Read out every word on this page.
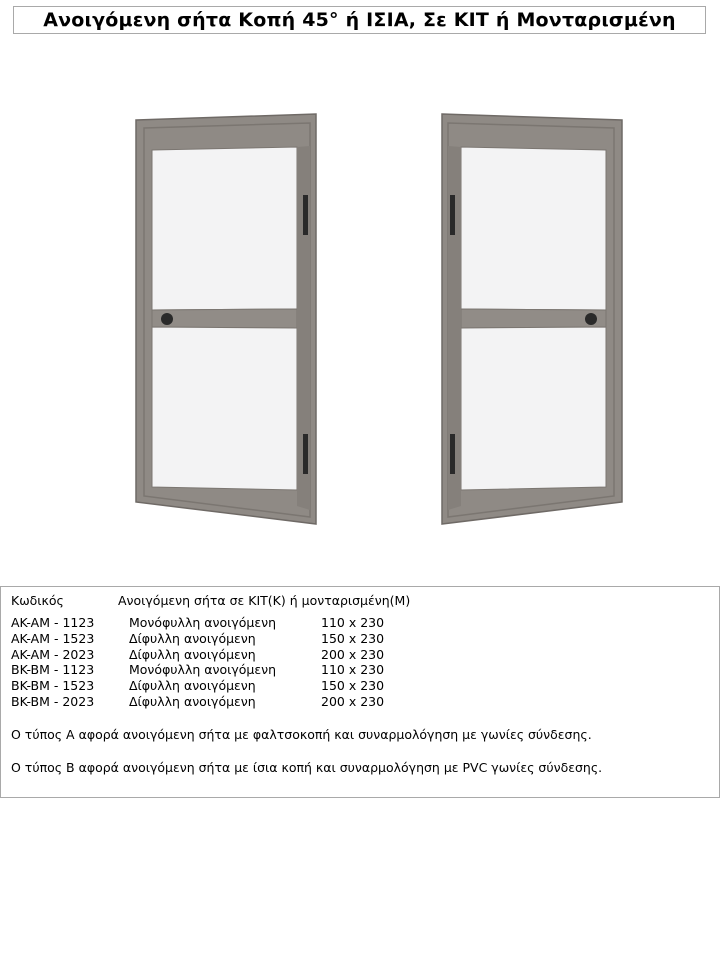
Ανοιγόμενη σήτα Κοπή 45° ή ΙΣΙΑ, Σε KIT ή Μονταρισμένη
Κωδικός	Ανοιγόμενη σήτα σε KIT(K) ή μονταρισμένη(M)
AK-AM - 1123	Μονόφυλλη ανοιγόμενη	110 x 230
AK-AM - 1523	Δίφυλλη ανοιγόμενη	150 x 230
AK-AM - 2023	Δίφυλλη ανοιγόμενη	200 x 230
BK-BM - 1123	Μονόφυλλη ανοιγόμενη	110 x 230
BK-BM - 1523	Δίφυλλη ανοιγόμενη	150 x 230
BK-BM - 2023	Δίφυλλη ανοιγόμενη	200 x 230
Ο τύπος Α αφορά ανοιγόμενη σήτα με φαλτσοκοπή και συναρμολόγηση με γωνίες σύνδεσης.
Ο τύπος Β αφορά ανοιγόμενη σήτα με ίσια κοπή και συναρμολόγηση με PVC γωνίες σύνδεσης.
